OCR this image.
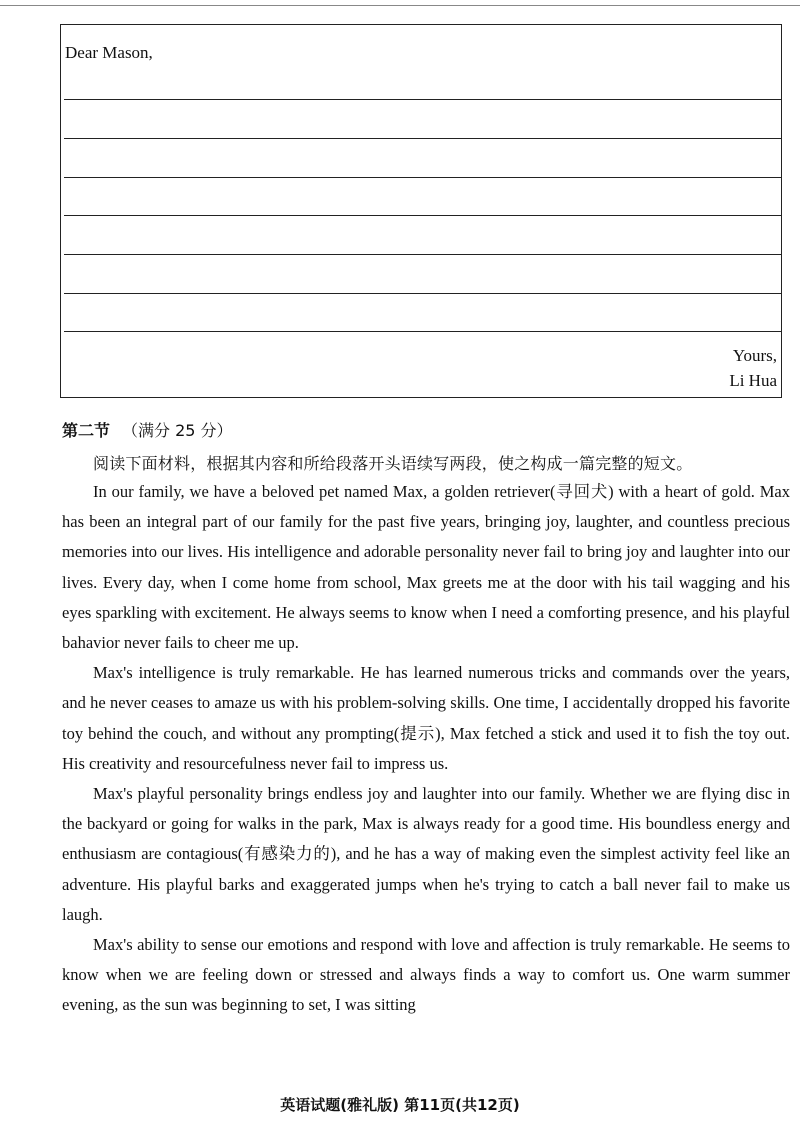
Dear Mason,
Yours,
Li Hua
第二节 （满分 25 分）
阅读下面材料，根据其内容和所给段落开头语续写两段，使之构成一篇完整的短文。

In our family, we have a beloved pet named Max, a golden retriever(寻回犬) with a heart of gold. Max has been an integral part of our family for the past five years, bringing joy, laughter, and countless precious memories into our lives. His intelligence and adorable personality never fail to bring joy and laughter into our lives. Every day, when I come home from school, Max greets me at the door with his tail wagging and his eyes sparkling with excitement. He always seems to know when I need a comforting presence, and his playful bahavior never fails to cheer me up.

Max's intelligence is truly remarkable. He has learned numerous tricks and commands over the years, and he never ceases to amaze us with his problem-solving skills. One time, I accidentally dropped his favorite toy behind the couch, and without any prompting(提示), Max fetched a stick and used it to fish the toy out. His creativity and resourcefulness never fail to impress us.

Max's playful personality brings endless joy and laughter into our family. Whether we are flying disc in the backyard or going for walks in the park, Max is always ready for a good time. His boundless energy and enthusiasm are contagious(有感染力的), and he has a way of making even the simplest activity feel like an adventure. His playful barks and exaggerated jumps when he's trying to catch a ball never fail to make us laugh.

Max's ability to sense our emotions and respond with love and affection is truly remarkable. He seems to know when we are feeling down or stressed and always finds a way to comfort us. One warm summer evening, as the sun was beginning to set, I was sitting

英语试题(雅礼版) 第11页(共12页)
